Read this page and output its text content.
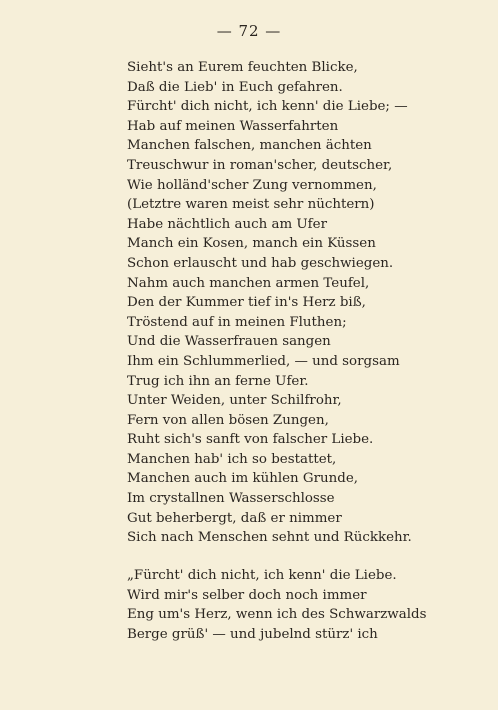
— 72 —
Sieht's an Eurem feuchten Blicke,
Daß die Lieb' in Euch gefahren.
Fürcht' dich nicht, ich kenn' die Liebe; —
Hab auf meinen Wasserfahrten
Manchen falschen, manchen ächten
Treuschwur in roman'scher, deutscher,
Wie holländ'scher Zung vernommen,
(Letztre waren meist sehr nüchtern)
Habe nächtlich auch am Ufer
Manch ein Kosen, manch ein Küssen
Schon erlauscht und hab geschwiegen.
Nahm auch manchen armen Teufel,
Den der Kummer tief in's Herz biß,
Tröstend auf in meinen Fluthen;
Und die Wasserfrauen sangen
Ihm ein Schlummerlied, — und sorgsam
Trug ich ihn an ferne Ufer.
Unter Weiden, unter Schilfrohr,
Fern von allen bösen Zungen,
Ruht sich's sanft von falscher Liebe.
Manchen hab' ich so bestattet,
Manchen auch im kühlen Grunde,
Im crystallnen Wasserschlosse
Gut beherbergt, daß er nimmer
Sich nach Menschen sehnt und Rückkehr.
„Fürcht' dich nicht, ich kenn' die Liebe.
Wird mir's selber doch noch immer
Eng um's Herz, wenn ich des Schwarzwalds
Berge grüß' — und jubelnd stürz' ich
